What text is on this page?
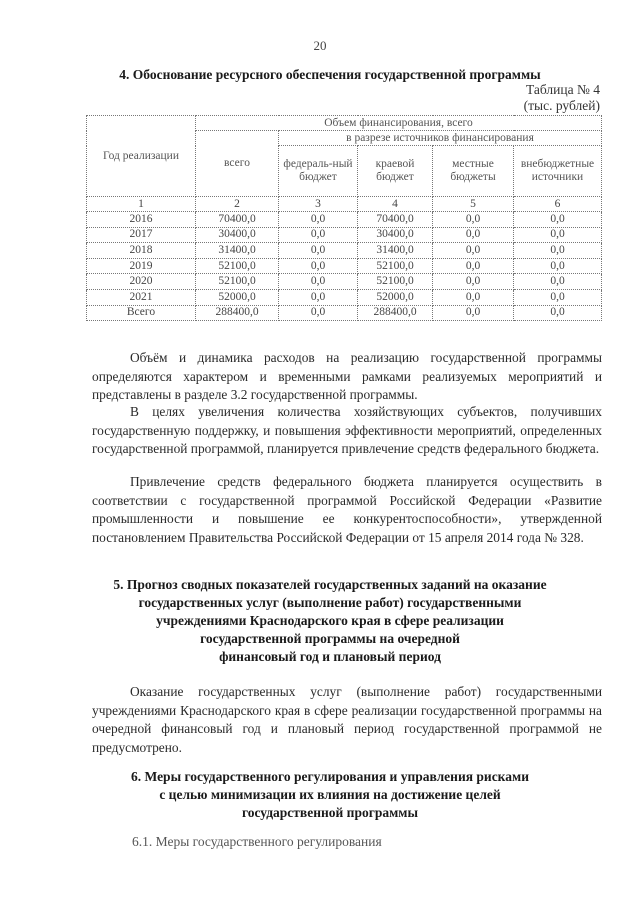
20
4. Обоснование ресурсного обеспечения государственной программы
Таблица № 4
(тыс. рублей)
Год реализации	Объем финансирования, всего				
	всего	в разрезе источников финансирования			
		федераль-ный бюджет	краевой бюджет	местные бюджеты	внебюджетные источники
1	2	3	4	5	6
2016	70400,0	0,0	70400,0	0,0	0,0
2017	30400,0	0,0	30400,0	0,0	0,0
2018	31400,0	0,0	31400,0	0,0	0,0
2019	52100,0	0,0	52100,0	0,0	0,0
2020	52100,0	0,0	52100,0	0,0	0,0
2021	52000,0	0,0	52000,0	0,0	0,0
Всего	288400,0	0,0	288400,0	0,0	0,0
Объём и динамика расходов на реализацию государственной программы определяются характером и временными рамками реализуемых мероприятий и представлены в разделе 3.2 государственной программы.
В целях увеличения количества хозяйствующих субъектов, получивших государственную поддержку, и повышения эффективности мероприятий, определенных государственной программой, планируется привлечение средств федерального бюджета.
Привлечение средств федерального бюджета планируется осуществить в соответствии с государственной программой Российской Федерации «Развитие промышленности и повышение ее конкурентоспособности», утвержденной постановлением Правительства Российской Федерации от 15 апреля 2014 года № 328.
5. Прогноз сводных показателей государственных заданий на оказание
государственных услуг (выполнение работ) государственными
учреждениями Краснодарского края в сфере реализации
государственной программы на очередной
финансовый год и плановый период
Оказание государственных услуг (выполнение работ) государственными учреждениями Краснодарского края в сфере реализации государственной программы на очередной финансовый год и плановый период государственной программой не предусмотрено.
6. Меры государственного регулирования и управления рисками
с целью минимизации их влияния на достижение целей
государственной программы
6.1. Меры государственного регулирования
